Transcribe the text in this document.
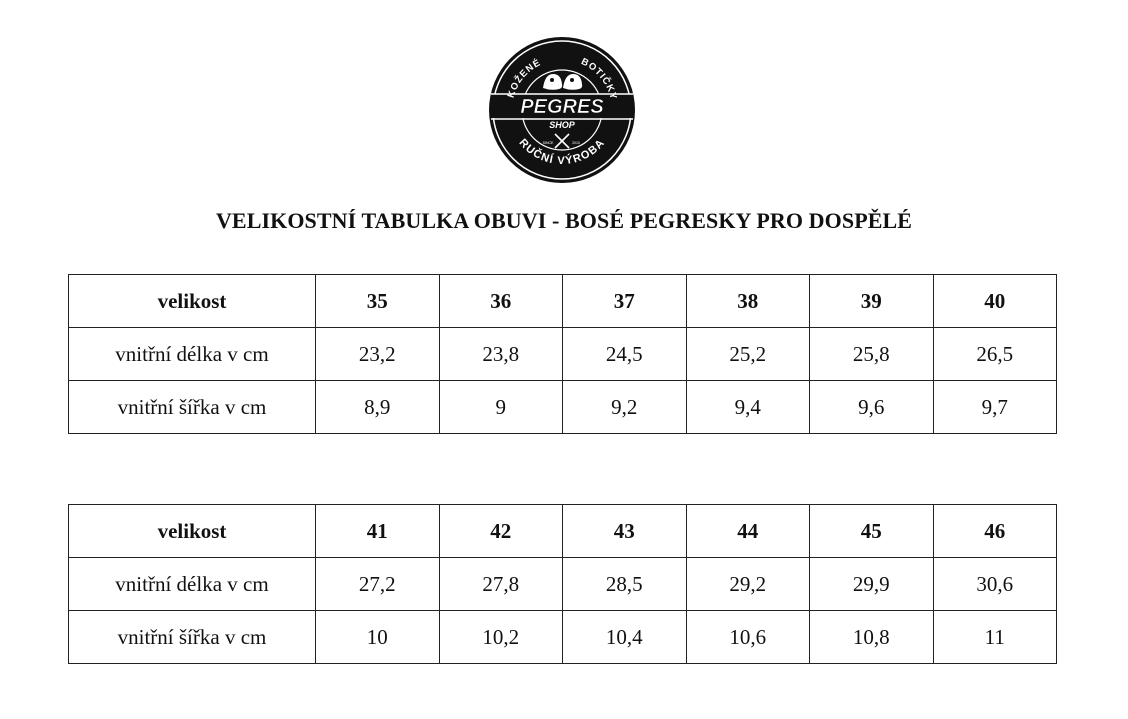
KOŽENÉ	BOTIČKY
RUČNÍ VÝROBA
PEGRES
SHOP
SINCE	2010
VELIKOSTNÍ TABULKA OBUVI - BOSÉ PEGRESKY PRO DOSPĚLÉ
velikost	35	36	37	38	39	40
vnitřní délka v cm	23,2	23,8	24,5	25,2	25,8	26,5
vnitřní šířka v cm	8,9	9	9,2	9,4	9,6	9,7
velikost	41	42	43	44	45	46
vnitřní délka v cm	27,2	27,8	28,5	29,2	29,9	30,6
vnitřní šířka v cm	10	10,2	10,4	10,6	10,8	11
